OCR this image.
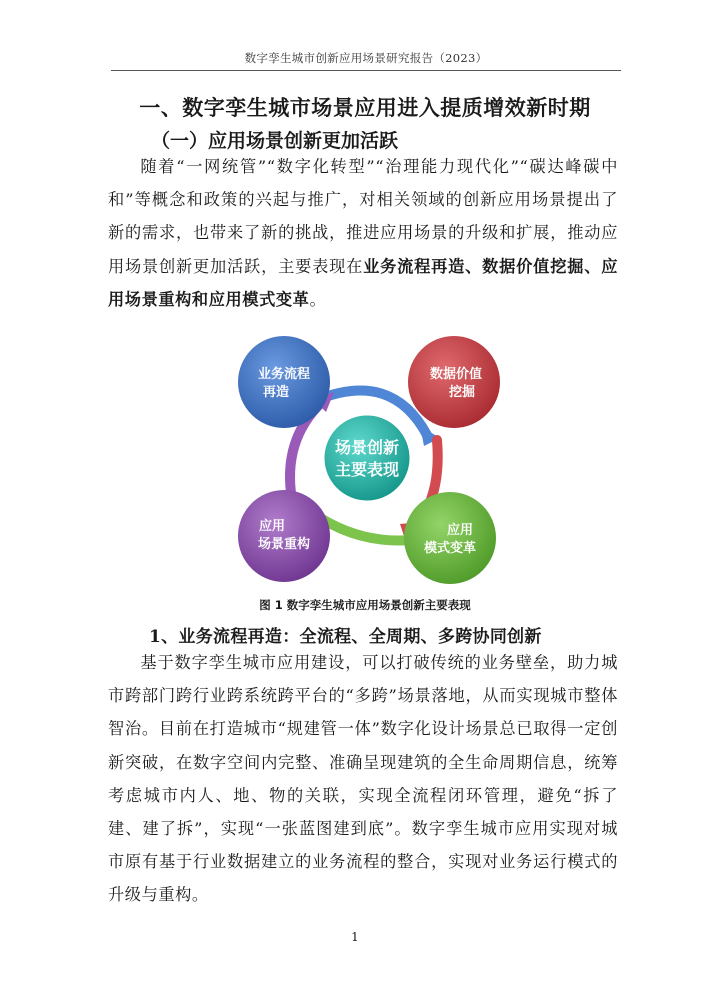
数字孪生城市创新应用场景研究报告（2023）
一、数字孪生城市场景应用进入提质增效新时期
（一）应用场景创新更加活跃
随着“一网统管”“数字化转型”“治理能力现代化”“碳达峰碳中和”等概念和政策的兴起与推广，对相关领域的创新应用场景提出了新的需求，也带来了新的挑战，推进应用场景的升级和扩展，推动应用场景创新更加活跃，主要表现在业务流程再造、数据价值挖掘、应用场景重构和应用模式变革。
场景创新
主要表现
业务流程
再造
数据价值
挖掘
应用
场景重构
应用
模式变革
图 1 数字孪生城市应用场景创新主要表现
1、业务流程再造：全流程、全周期、多跨协同创新
基于数字孪生城市应用建设，可以打破传统的业务壁垒，助力城市跨部门跨行业跨系统跨平台的“多跨”场景落地，从而实现城市整体智治。目前在打造城市“规建管一体”数字化设计场景总已取得一定创新突破，在数字空间内完整、准确呈现建筑的全生命周期信息，统筹考虑城市内人、地、物的关联，实现全流程闭环管理，避免“拆了建、建了拆”，实现“一张蓝图建到底”。数字孪生城市应用实现对城市原有基于行业数据建立的业务流程的整合，实现对业务运行模式的升级与重构。
1
